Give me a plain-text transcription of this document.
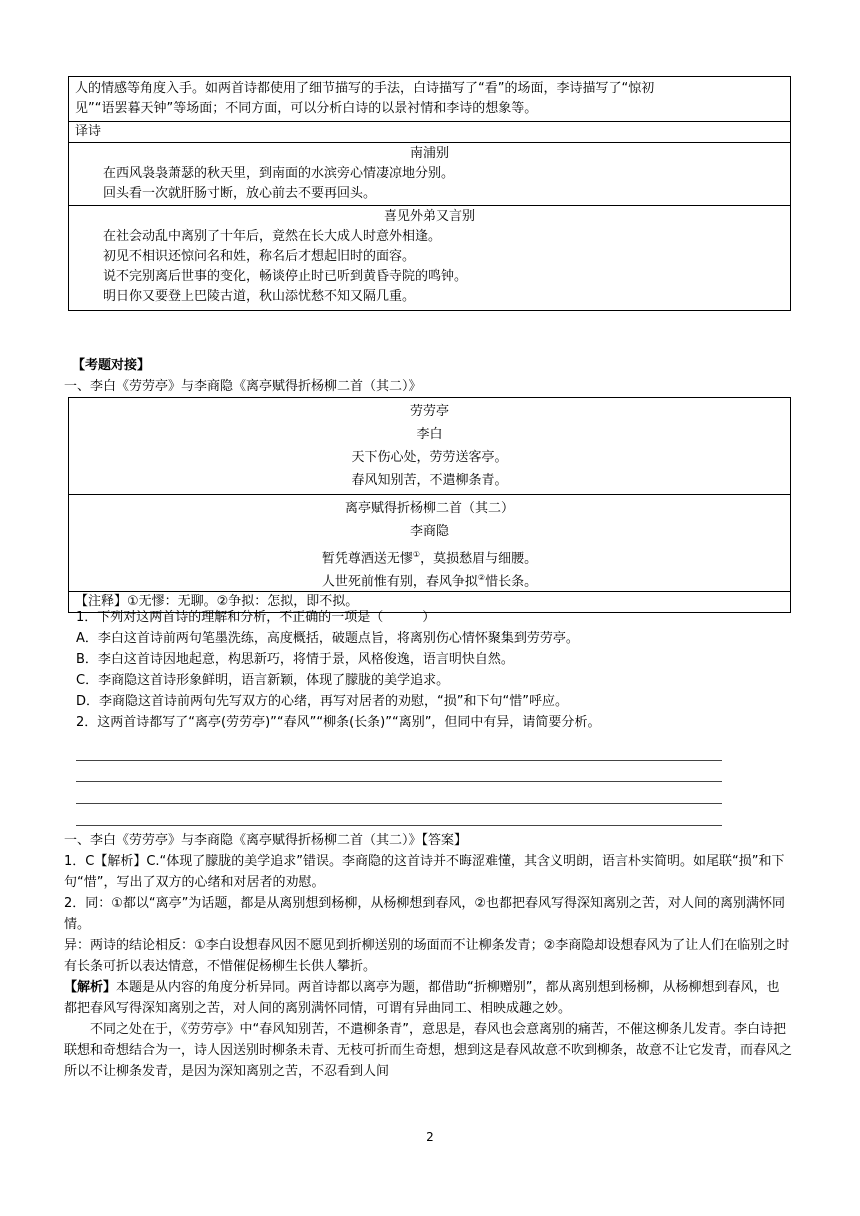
人的情感等角度入手。如两首诗都使用了细节描写的手法，白诗描写了“看”的场面，李诗描写了“惊初
见”“语罢暮天钟”等场面；不同方面，可以分析白诗的以景衬情和李诗的想象等。
译诗
南浦别
在西风袅袅萧瑟的秋天里，到南面的水滨旁心情凄凉地分别。
回头看一次就肝肠寸断，放心前去不要再回头。
喜见外弟又言别
在社会动乱中离别了十年后，竟然在长大成人时意外相逢。
初见不相识还惊问名和姓，称名后才想起旧时的面容。
说不完别离后世事的变化，畅谈停止时已听到黄昏寺院的鸣钟。
明日你又要登上巴陵古道，秋山添忧愁不知又隔几重。
【考题对接】
一、李白《劳劳亭》与李商隐《离亭赋得折杨柳二首（其二）》
劳劳亭
李白
天下伤心处，劳劳送客亭。
春风知别苦，不遣柳条青。
离亭赋得折杨柳二首（其二）
李商隐
暂凭尊酒送无憀①，莫损愁眉与细腰。
人世死前惟有别，春风争拟②惜长条。
【注释】①无憀：无聊。②争拟：怎拟，即不拟。
1．下列对这两首诗的理解和分析，不正确的一项是（　　　）
A．李白这首诗前两句笔墨洗练，高度概括，破题点旨，将离别伤心情怀聚集到劳劳亭。
B．李白这首诗因地起意，构思新巧，将情于景，风格俊逸，语言明快自然。
C．李商隐这首诗形象鲜明，语言新颖，体现了朦胧的美学追求。
D．李商隐这首诗前两句先写双方的心绪，再写对居者的劝慰，“损”和下句“惜”呼应。
2．这两首诗都写了“离亭(劳劳亭)”“春风”“柳条(长条)”“离别”，但同中有异，请简要分析。

一、李白《劳劳亭》与李商隐《离亭赋得折杨柳二首（其二）》【答案】

1．C【解析】C.“体现了朦胧的美学追求”错误。李商隐的这首诗并不晦涩难懂，其含义明朗，语言朴实简明。如尾联“损”和下句“惜”，写出了双方的心绪和对居者的劝慰。

2．同：①都以“离亭”为话题，都是从离别想到杨柳，从杨柳想到春风，②也都把春风写得深知离别之苦，对人间的离别满怀同情。

异：两诗的结论相反：①李白设想春风因不愿见到折柳送别的场面而不让柳条发青；②李商隐却设想春风为了让人们在临别之时有长条可折以表达情意，不惜催促杨柳生长供人攀折。

【解析】本题是从内容的角度分析异同。两首诗都以离亭为题，都借助“折柳赠别”，都从离别想到杨柳，从杨柳想到春风，也都把春风写得深知离别之苦，对人间的离别满怀同情，可谓有异曲同工、相映成趣之妙。

不同之处在于，《劳劳亭》中“春风知别苦，不遣柳条青”，意思是，春风也会意离别的痛苦，不催这柳条儿发青。李白诗把联想和奇想结合为一，诗人因送别时柳条未青、无枝可折而生奇想，想到这是春风故意不吹到柳条，故意不让它发青，而春风之所以不让柳条发青，是因为深知离别之苦，不忍看到人间

2
